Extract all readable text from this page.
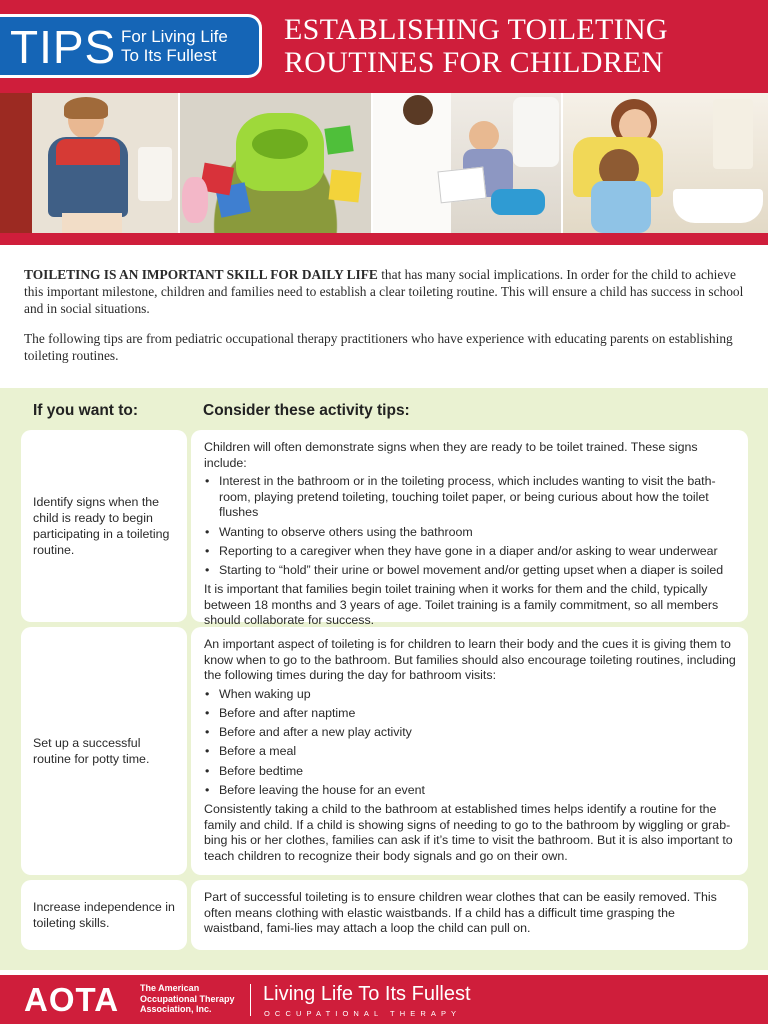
TIPS For Living Life
To Its Fullest
ESTABLISHING TOILETING
ROUTINES FOR CHILDREN

TOILETING IS AN IMPORTANT SKILL FOR DAILY LIFE that has many social implications. In order for the child to achieve this important milestone, children and families need to establish a clear toileting routine. This will ensure a child has success in school and in social situations.

The following tips are from pediatric occupational therapy practitioners who have experience with educating parents on establishing toileting routines.

If you want to:	Consider these activity tips:
Identify signs when the child is ready to begin participating in a toileting routine.

Children will often demonstrate signs when they are ready to be toilet trained. These signs include:

• Interest in the bathroom or in the toileting process, which includes wanting to visit the bath-room, playing pretend toileting, touching toilet paper, or being curious about how the toilet flushes
• Wanting to observe others using the bathroom
• Reporting to a caregiver when they have gone in a diaper and/or asking to wear underwear
• Starting to “hold” their urine or bowel movement and/or getting upset when a diaper is soiled

It is important that families begin toilet training when it works for them and the child, typically between 18 months and 3 years of age. Toilet training is a family commitment, so all members should collaborate for success.

Set up a successful routine for potty time.

An important aspect of toileting is for children to learn their body and the cues it is giving them to know when to go to the bathroom. But families should also encourage toileting routines, including the following times during the day for bathroom visits:

• When waking up
• Before and after naptime
• Before and after a new play activity
• Before a meal
• Before bedtime
• Before leaving the house for an event

Consistently taking a child to the bathroom at established times helps identify a routine for the family and child. If a child is showing signs of needing to go to the bathroom by wiggling or grab-bing his or her clothes, families can ask if it’s time to visit the bathroom. But it is also important to teach children to recognize their body signals and go on their own.

Increase independence in toileting skills.

Part of successful toileting is to ensure children wear clothes that can be easily removed. This often means clothing with elastic waistbands. If a child has a difficult time grasping the waistband, fami-lies may attach a loop the child can pull on.

AOTA The American
Occupational Therapy
Association, Inc.
Living Life To Its Fullest
OCCUPATIONAL THERAPY
